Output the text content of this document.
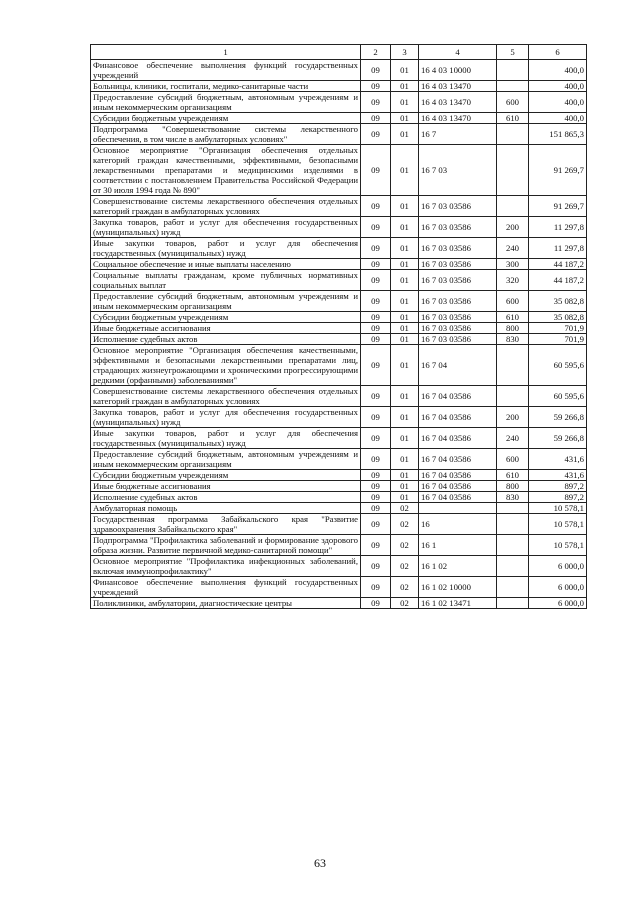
1	2	3	4	5	6
Финансовое обеспечение выполнения функций государственных учреждений	09	01	16 4 03 10000		400,0
Больницы, клиники, госпитали, медико-санитарные части	09	01	16 4 03 13470		400,0
Предоставление субсидий бюджетным, автономным учреждениям и иным некоммерческим организациям	09	01	16 4 03 13470	600	400,0
Субсидии бюджетным учреждениям	09	01	16 4 03 13470	610	400,0
Подпрограмма "Совершенствование системы лекарственного обеспечения, в том числе в амбулаторных условиях"	09	01	16 7		151 865,3
Основное мероприятие "Организация обеспечения отдельных категорий граждан качественными, эффективными, безопасными лекарственными препаратами и медицинскими изделиями в соответствии с постановлением Правительства Российской Федерации от 30 июля 1994 года № 890"	09	01	16 7 03		91 269,7
Совершенствование системы лекарственного обеспечения отдельных категорий граждан в амбулаторных условиях	09	01	16 7 03 03586		91 269,7
Закупка товаров, работ и услуг для обеспечения государственных (муниципальных) нужд	09	01	16 7 03 03586	200	11 297,8
Иные закупки товаров, работ и услуг для обеспечения государственных (муниципальных) нужд	09	01	16 7 03 03586	240	11 297,8
Социальное обеспечение и иные выплаты населению	09	01	16 7 03 03586	300	44 187,2
Социальные выплаты гражданам, кроме публичных нормативных социальных выплат	09	01	16 7 03 03586	320	44 187,2
Предоставление субсидий бюджетным, автономным учреждениям и иным некоммерческим организациям	09	01	16 7 03 03586	600	35 082,8
Субсидии бюджетным учреждениям	09	01	16 7 03 03586	610	35 082,8
Иные бюджетные ассигнования	09	01	16 7 03 03586	800	701,9
Исполнение судебных актов	09	01	16 7 03 03586	830	701,9
Основное мероприятие "Организация обеспечения качественными, эффективными и безопасными лекарственными препаратами лиц, страдающих жизнеугрожающими и хроническими прогрессирующими редкими (орфанными) заболеваниями"	09	01	16 7 04		60 595,6
Совершенствование системы лекарственного обеспечения отдельных категорий граждан в амбулаторных условиях	09	01	16 7 04 03586		60 595,6
Закупка товаров, работ и услуг для обеспечения государственных (муниципальных) нужд	09	01	16 7 04 03586	200	59 266,8
Иные закупки товаров, работ и услуг для обеспечения государственных (муниципальных) нужд	09	01	16 7 04 03586	240	59 266,8
Предоставление субсидий бюджетным, автономным учреждениям и иным некоммерческим организациям	09	01	16 7 04 03586	600	431,6
Субсидии бюджетным учреждениям	09	01	16 7 04 03586	610	431,6
Иные бюджетные ассигнования	09	01	16 7 04 03586	800	897,2
Исполнение судебных актов	09	01	16 7 04 03586	830	897,2
Амбулаторная помощь	09	02			10 578,1
Государственная программа Забайкальского края "Развитие здравоохранения Забайкальского края"	09	02	16		10 578,1
Подпрограмма "Профилактика заболеваний и формирование здорового образа жизни. Развитие первичной медико-санитарной помощи"	09	02	16 1		10 578,1
Основное мероприятие "Профилактика инфекционных заболеваний, включая иммунопрофилактику"	09	02	16 1 02		6 000,0
Финансовое обеспечение выполнения функций государственных учреждений	09	02	16 1 02 10000		6 000,0
Поликлиники, амбулатории, диагностические центры	09	02	16 1 02 13471		6 000,0
63
